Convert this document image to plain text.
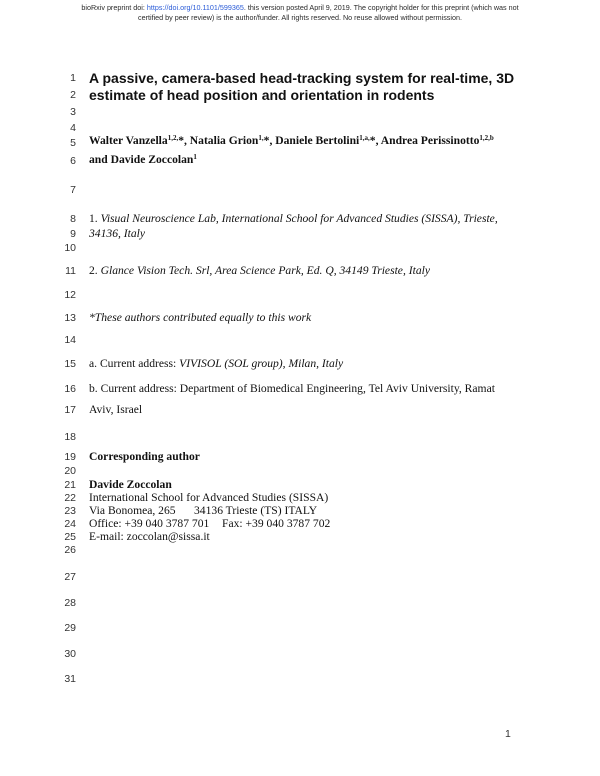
bioRxiv preprint doi: https://doi.org/10.1101/599365. this version posted April 9, 2019. The copyright holder for this preprint (which was not
certified by peer review) is the author/funder. All rights reserved. No reuse allowed without permission.
1
2
3
4
5
6
7
8
9
10
11
12
13
14
15
16
17
18
19
20
21
22
23
24
25
26
27
28
29
30
31
A passive, camera-based head-tracking system for real-time, 3D
estimate of head position and orientation in rodents
Walter Vanzella$^{1,2,}$*, Natalia Grion$^{1,}$*, Daniele Bertolini$^{1,a,}$*, Andrea Perissinotto$^{1,2,b}$
and Davide Zoccolan$^1$
1. Visual Neuroscience Lab, International School for Advanced Studies (SISSA), Trieste,
34136, Italy
2. Glance Vision Tech. Srl, Area Science Park, Ed. Q, 34149 Trieste, Italy
*These authors contributed equally to this work
a. Current address: VIVISOL (SOL group), Milan, Italy
b. Current address: Department of Biomedical Engineering, Tel Aviv University, Ramat
Aviv, Israel
Corresponding author
Davide Zoccolan
International School for Advanced Studies (SISSA)
Via Bonomea, 265 34136 Trieste (TS) ITALY
Office: +39 040 3787 701 Fax: +39 040 3787 702
E-mail: zoccolan@sissa.it
1
